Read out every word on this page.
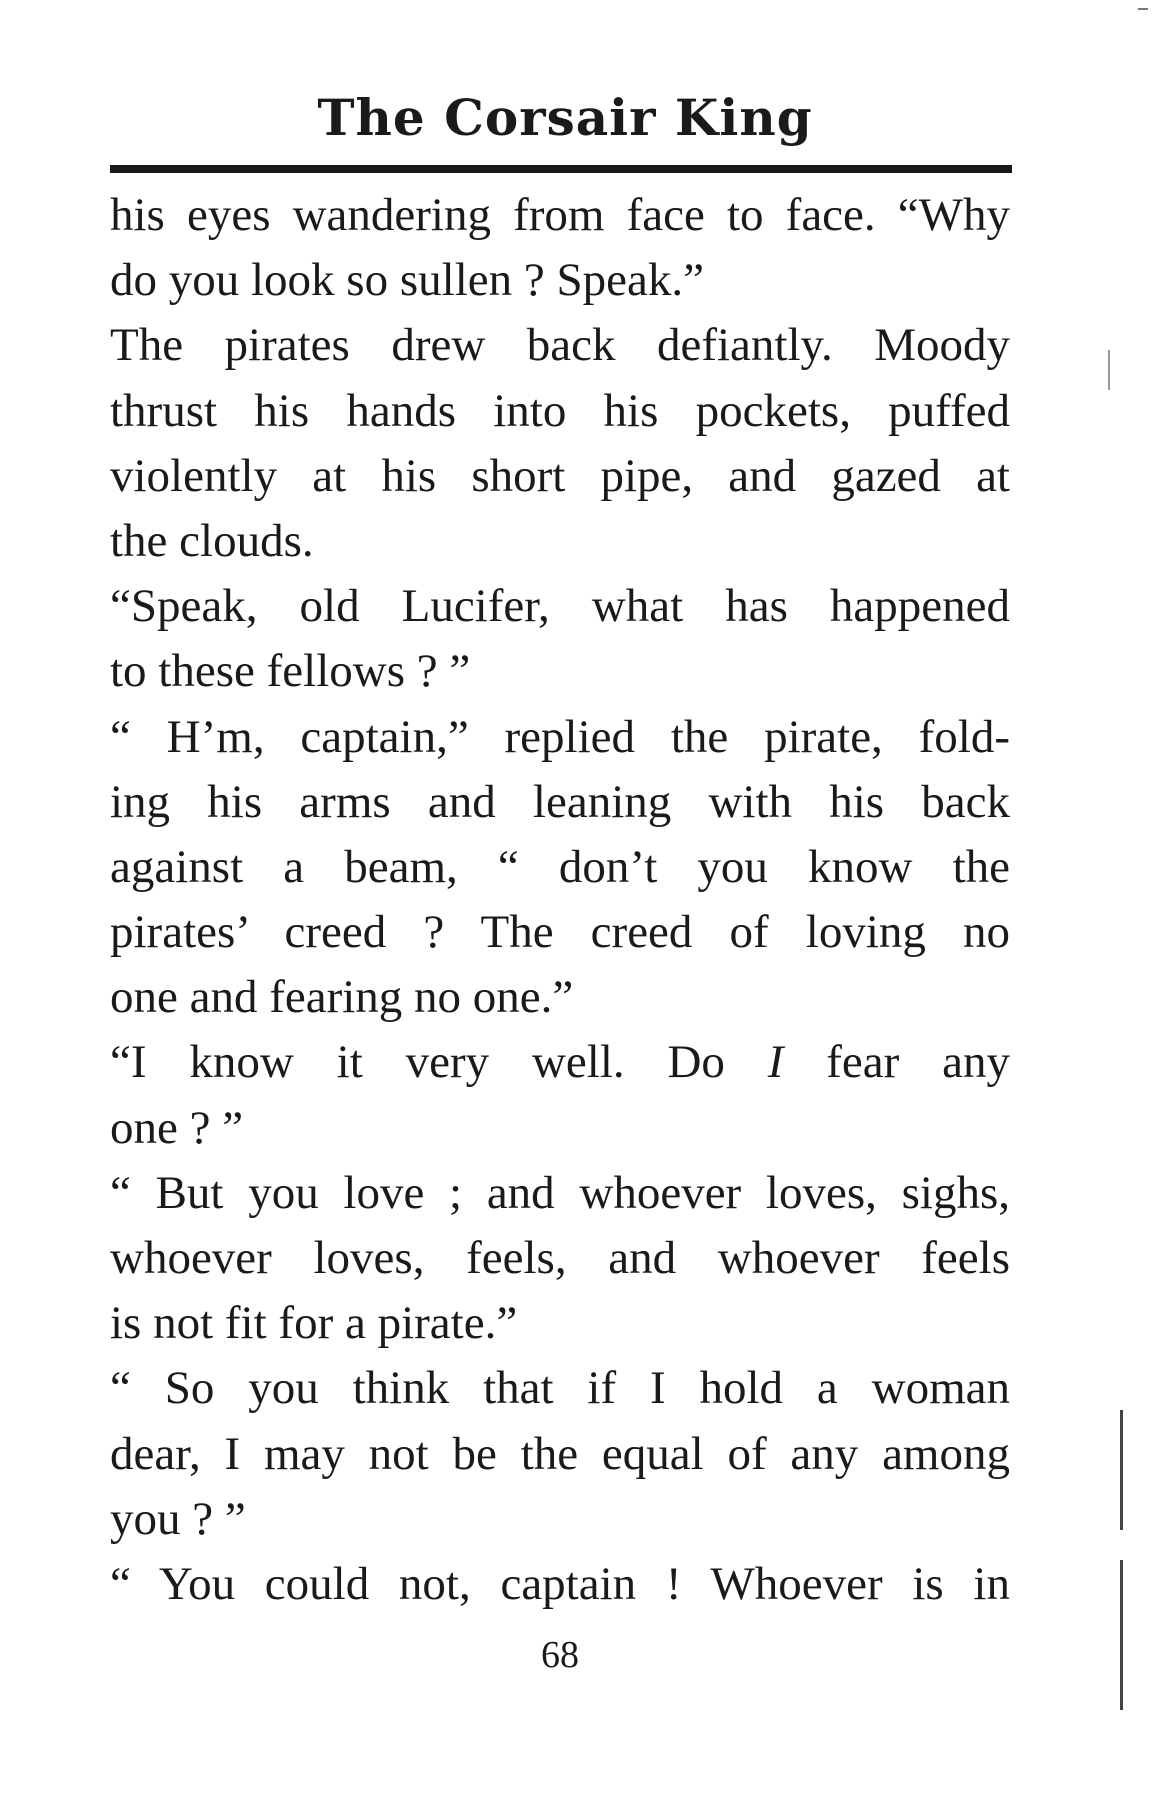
The Corsair King
his eyes wandering from face to face. “Why
do you look so sullen ? Speak.”
The pirates drew back defiantly. Moody
thrust his hands into his pockets, puffed
violently at his short pipe, and gazed at
the clouds.
“Speak, old Lucifer, what has happened
to these fellows ? ”
“ H’m, captain,” replied the pirate, fold-
ing his arms and leaning with his back
against a beam, “ don’t you know the
pirates’ creed ? The creed of loving no
one and fearing no one.”
“I know it very well. Do I fear any
one ? ”
“ But you love ; and whoever loves, sighs,
whoever loves, feels, and whoever feels
is not fit for a pirate.”
“ So you think that if I hold a woman
dear, I may not be the equal of any among
you ? ”
“ You could not, captain ! Whoever is in
68
